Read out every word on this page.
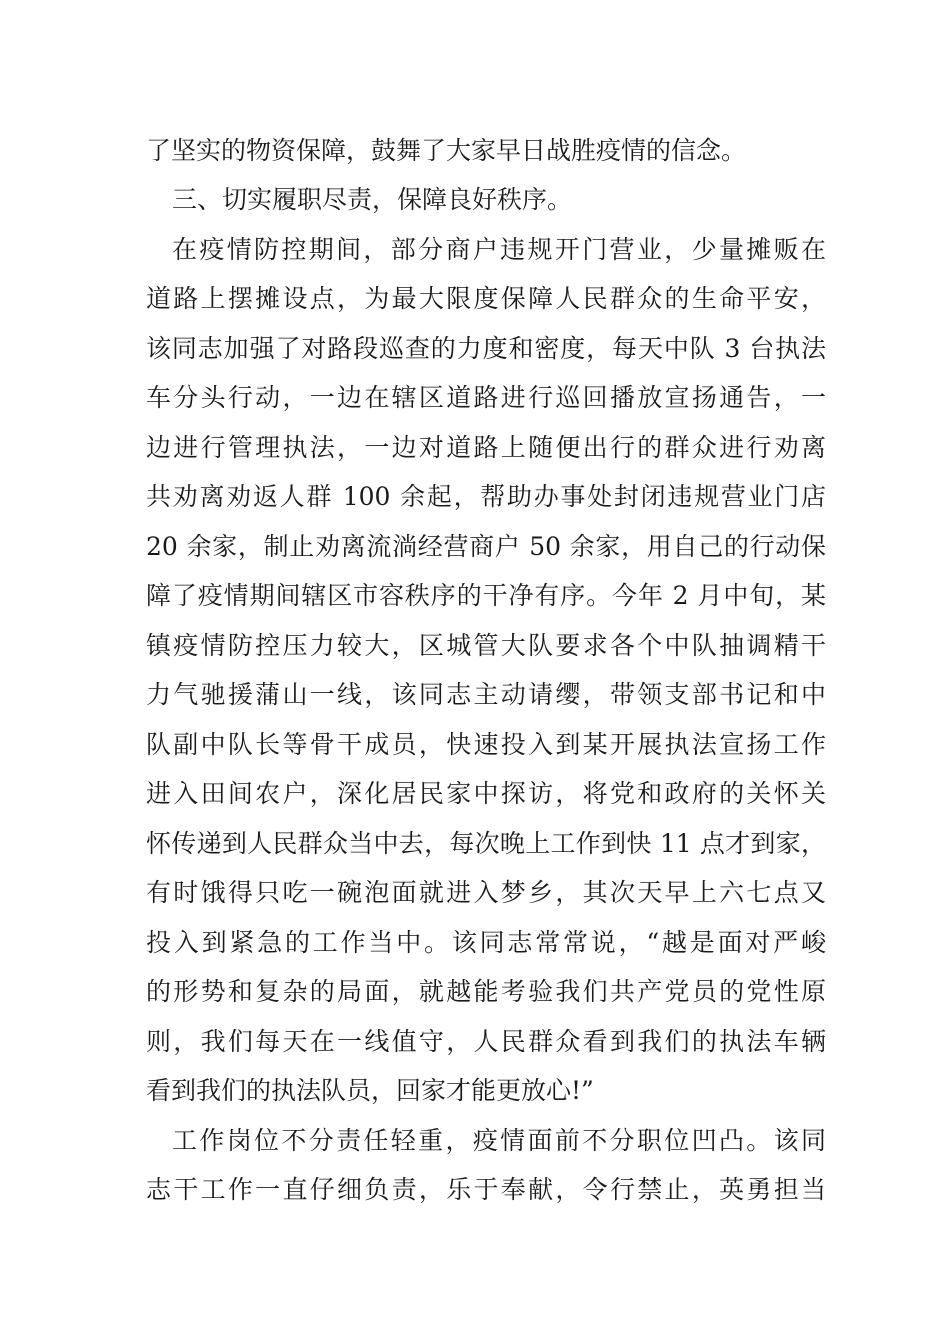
了坚实的物资保障，鼓舞了大家早日战胜疫情的信念。
三、切实履职尽责，保障良好秩序。
在疫情防控期间，部分商户违规开门营业，少量摊贩在
道路上摆摊设点，为最大限度保障人民群众的生命平安，
该同志加强了对路段巡查的力度和密度，每天中队 3 台执法
车分头行动，一边在辖区道路进行巡回播放宣扬通告，一
边进行管理执法，一边对道路上随便出行的群众进行劝离
共劝离劝返人群 100 余起，帮助办事处封闭违规营业门店
20 余家，制止劝离流淌经营商户 50 余家，用自己的行动保
障了疫情期间辖区市容秩序的干净有序。今年 2 月中旬，某
镇疫情防控压力较大，区城管大队要求各个中队抽调精干
力气驰援蒲山一线，该同志主动请缨，带领支部书记和中
队副中队长等骨干成员，快速投入到某开展执法宣扬工作
进入田间农户，深化居民家中探访，将党和政府的关怀关
怀传递到人民群众当中去，每次晚上工作到快 11 点才到家，
有时饿得只吃一碗泡面就进入梦乡，其次天早上六七点又
投入到紧急的工作当中。该同志常常说，“越是面对严峻
的形势和复杂的局面，就越能考验我们共产党员的党性原
则，我们每天在一线值守，人民群众看到我们的执法车辆
看到我们的执法队员，回家才能更放心!”
工作岗位不分责任轻重，疫情面前不分职位凹凸。该同
志干工作一直仔细负责，乐于奉献，令行禁止，英勇担当
